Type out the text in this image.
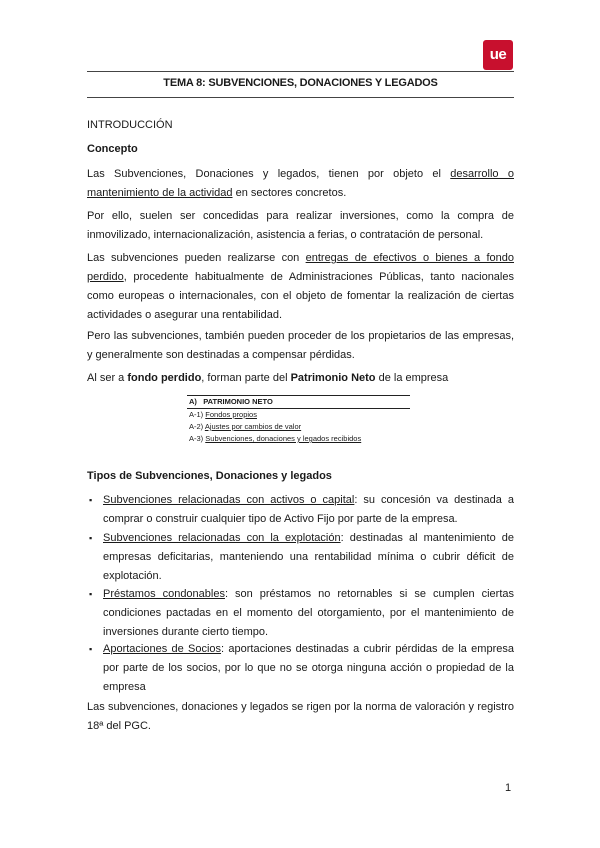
ue
TEMA 8: SUBVENCIONES, DONACIONES Y LEGADOS
INTRODUCCIÓN
Concepto
Las Subvenciones, Donaciones y legados, tienen por objeto el desarrollo o mantenimiento de la actividad en sectores concretos.
Por ello, suelen ser concedidas para realizar inversiones, como la compra de inmovilizado, internacionalización, asistencia a ferias, o contratación de personal.
Las subvenciones pueden realizarse con entregas de efectivos o bienes a fondo perdido, procedente habitualmente de Administraciones Públicas, tanto nacionales como europeas o internacionales, con el objeto de fomentar la realización de ciertas actividades o asegurar una rentabilidad.
Pero las subvenciones, también pueden proceder de los propietarios de las empresas, y generalmente son destinadas a compensar pérdidas.
Al ser a fondo perdido, forman parte del Patrimonio Neto de la empresa
A) PATRIMONIO NETO
A-1) Fondos propios
A-2) Ajustes por cambios de valor
A-3) Subvenciones, donaciones y legados recibidos
Tipos de Subvenciones, Donaciones y legados
▪ Subvenciones relacionadas con activos o capital: su concesión va destinada a comprar o construir cualquier tipo de Activo Fijo por parte de la empresa.
▪ Subvenciones relacionadas con la explotación: destinadas al mantenimiento de empresas deficitarias, manteniendo una rentabilidad mínima o cubrir déficit de explotación.
▪ Préstamos condonables: son préstamos no retornables si se cumplen ciertas condiciones pactadas en el momento del otorgamiento, por el mantenimiento de inversiones durante cierto tiempo.
▪ Aportaciones de Socios: aportaciones destinadas a cubrir pérdidas de la empresa por parte de los socios, por lo que no se otorga ninguna acción o propiedad de la empresa
Las subvenciones, donaciones y legados se rigen por la norma de valoración y registro 18ª del PGC.
1
